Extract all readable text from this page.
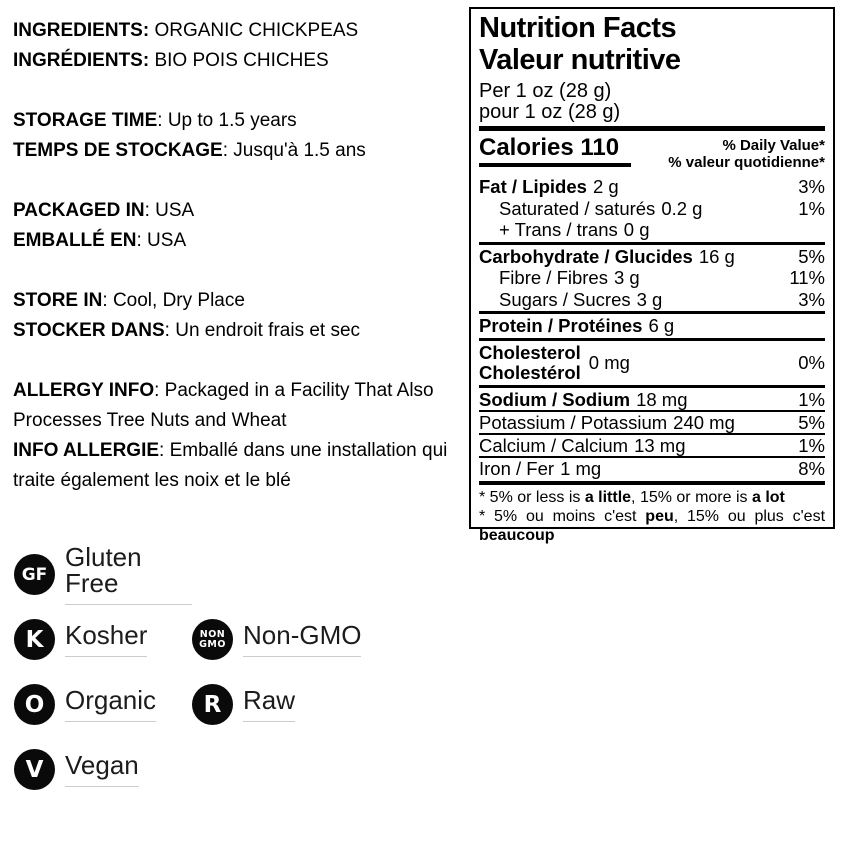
INGREDIENTS: ORGANIC CHICKPEAS
INGRÉDIENTS: BIO POIS CHICHES
STORAGE TIME: Up to 1.5 years
TEMPS DE STOCKAGE: Jusqu'à 1.5 ans
PACKAGED IN: USA
EMBALLÉ EN: USA
STORE IN: Cool, Dry Place
STOCKER DANS: Un endroit frais et sec
ALLERGY INFO: Packaged in a Facility That Also Processes Tree Nuts and Wheat
INFO ALLERGIE: Emballé dans une installation qui traite également les noix et le blé
Nutrition Facts
Valeur nutritive
Per 1 oz (28 g)
pour 1 oz (28 g)
Calories 110	% Daily Value*
% valeur quotidienne*
Fat / Lipides 2 g	3%
Saturated / saturés 0.2 g	1%
+ Trans / trans 0 g
Carbohydrate / Glucides 16 g	5%
Fibre / Fibres 3 g	11%
Sugars / Sucres 3 g	3%
Protein / Protéines 6 g
Cholesterol
Cholestérol 0 mg	0%
Sodium / Sodium 18 mg	1%
Potassium / Potassium 240 mg	5%
Calcium / Calcium 13 mg	1%
Iron / Fer 1 mg	8%

* 5% or less is a little, 15% or more is a lot

* 5% ou moins c'est peu, 15% ou plus c'est beaucoup

GF
Gluten Free
K Kosher	NON
GMO Non-GMO
O Organic	R Raw
V Vegan
